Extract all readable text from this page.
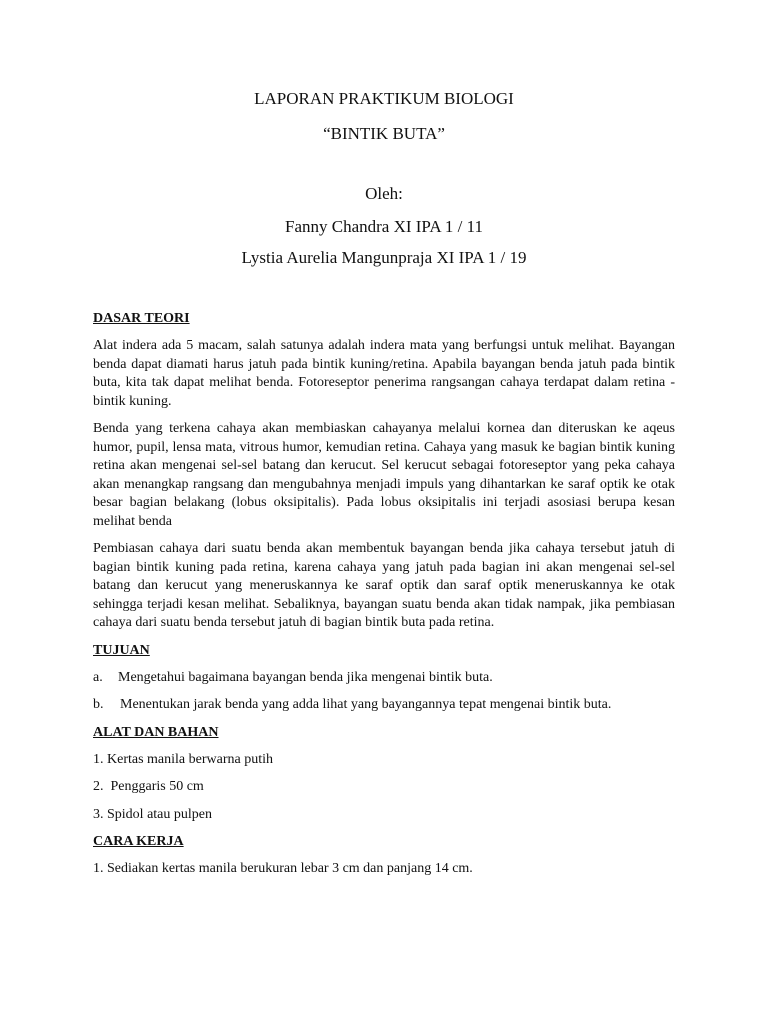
LAPORAN PRAKTIKUM BIOLOGI
“BINTIK BUTA”
Oleh:
Fanny Chandra XI IPA 1 / 11
Lystia Aurelia Mangunpraja XI IPA 1 / 19
DASAR TEORI

Alat indera ada 5 macam, salah satunya adalah indera mata yang berfungsi untuk melihat. Bayangan benda dapat diamati harus jatuh pada bintik kuning/retina. Apabila bayangan benda jatuh pada bintik buta, kita tak dapat melihat benda. Fotoreseptor penerima rangsangan cahaya terdapat dalam retina - bintik kuning.

Benda yang terkena cahaya akan membiaskan cahayanya melalui kornea dan diteruskan ke aqeus humor, pupil, lensa mata, vitrous humor, kemudian retina. Cahaya yang masuk ke bagian bintik kuning retina akan mengenai sel-sel batang dan kerucut. Sel kerucut sebagai fotoreseptor yang peka cahaya akan menangkap rangsang dan mengubahnya menjadi impuls yang dihantarkan ke saraf optik ke otak besar bagian belakang (lobus oksipitalis). Pada lobus oksipitalis ini terjadi asosiasi berupa kesan melihat benda

Pembiasan cahaya dari suatu benda akan membentuk bayangan benda jika cahaya tersebut jatuh di bagian bintik kuning pada retina, karena cahaya yang jatuh pada bagian ini akan mengenai sel-sel batang dan kerucut yang meneruskannya ke saraf optik dan saraf optik meneruskannya ke otak sehingga terjadi kesan melihat. Sebaliknya, bayangan suatu benda akan tidak nampak, jika pembiasan cahaya dari suatu benda tersebut jatuh di bagian bintik buta pada retina.

TUJUAN
a. Mengetahui bagaimana bayangan benda jika mengenai bintik buta.
b. Menentukan jarak benda yang adda lihat yang bayangannya tepat mengenai bintik buta.
ALAT DAN BAHAN
1. Kertas manila berwarna putih
2.  Penggaris 50 cm
3. Spidol atau pulpen
CARA KERJA
1. Sediakan kertas manila berukuran lebar 3 cm dan panjang 14 cm.
